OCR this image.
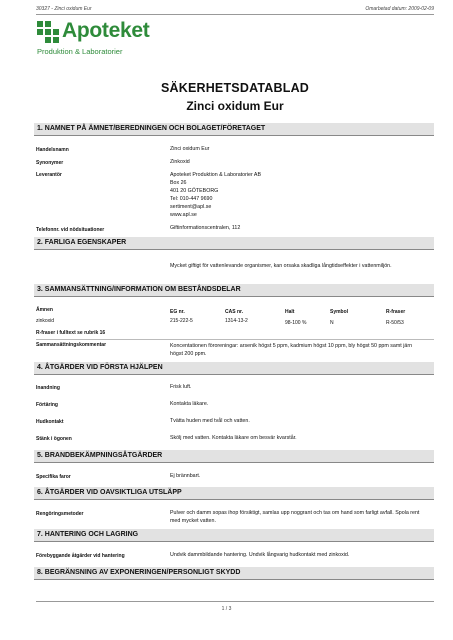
30327 - Zinci oxidum Eur	Omarbetad datum: 2009-02-09
Apoteket
Produktion & Laboratorier
SÄKERHETSDATABLAD
Zinci oxidum Eur
1. NAMNET PÅ ÄMNET/BEREDNINGEN OCH BOLAGET/FÖRETAGET
Handelsnamn	Zinci oxidum Eur
Synonymer	Zinkoxid
Leverantör	Apoteket Produktion & Laboratorier AB
Box 26
401 20 GÖTEBORG
Tel: 010-447 9690
sertiment@apl.se
www.apl.se
Telefonnr. vid nödsituationer	Giftinformationscentralen, 112
2. FARLIGA EGENSKAPER
Mycket giftigt för vattenlevande organismer, kan orsaka skadliga långtidseffekter i vattenmiljön.
3. SAMMANSÄTTNING/INFORMATION OM BESTÅNDSDELAR
Ämnen	EG nr.	CAS nr.	Halt	Symbol	R-fraser
zinkoxid	215-222-5	1314-13-2	98-100 %	N	R-50/53
R-fraser i fulltext se rubrik 16
Sammansättningskommentar	Koncentationen föroreningar: arsenik högst 5 ppm, kadmium högst 10 ppm, bly högst 50 ppm samt järn högst 200 ppm.
4. ÅTGÄRDER VID FÖRSTA HJÄLPEN
Inandning	Frisk luft.
Förtäring	Kontakta läkare.
Hudkontakt	Tvätta huden med tvål och vatten.
Stänk i ögonen	Skölj med vatten. Kontakta läkare om besvär kvarstår.
5. BRANDBEKÄMPNINGSÅTGÄRDER
Specifika faror	Ej brännbart.
6. ÅTGÄRDER VID OAVSIKTLIGA UTSLÄPP
Rengöringsmetoder	Pulver och damm sopas ihop försiktigt, samlas upp noggrant och tas om hand som farligt avfall. Spola rent med mycket vatten.
7. HANTERING OCH LAGRING
Förebyggande åtgärder vid hantering	Undvik dammbildande hantering. Undvik långvarig hudkontakt med zinkoxid.
8. BEGRÄNSNING AV EXPONERINGEN/PERSONLIGT SKYDD
1 / 3
